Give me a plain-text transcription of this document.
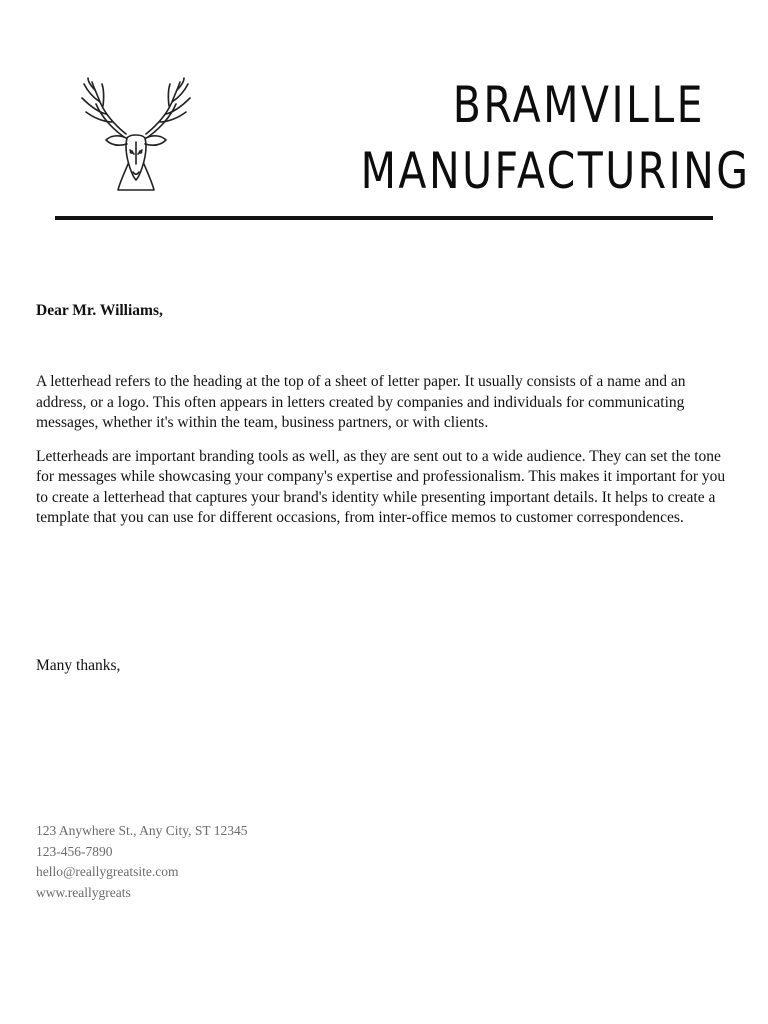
BRAMVILLE
MANUFACTURING

Dear Mr. Williams,

A letterhead refers to the heading at the top of a sheet of letter paper. It usually consists of a name and an address, or a logo. This often appears in letters created by companies and individuals for communicating messages, whether it's within the team, business partners, or with clients.

Letterheads are important branding tools as well, as they are sent out to a wide audience. They can set the tone for messages while showcasing your company's expertise and professionalism. This makes it important for you to create a letterhead that captures your brand's identity while presenting important details. It helps to create a template that you can use for different occasions, from inter-office memos to customer correspondences.

Many thanks,

123 Anywhere St., Any City, ST 12345
123-456-7890
hello@reallygreatsite.com
www.reallygreats
